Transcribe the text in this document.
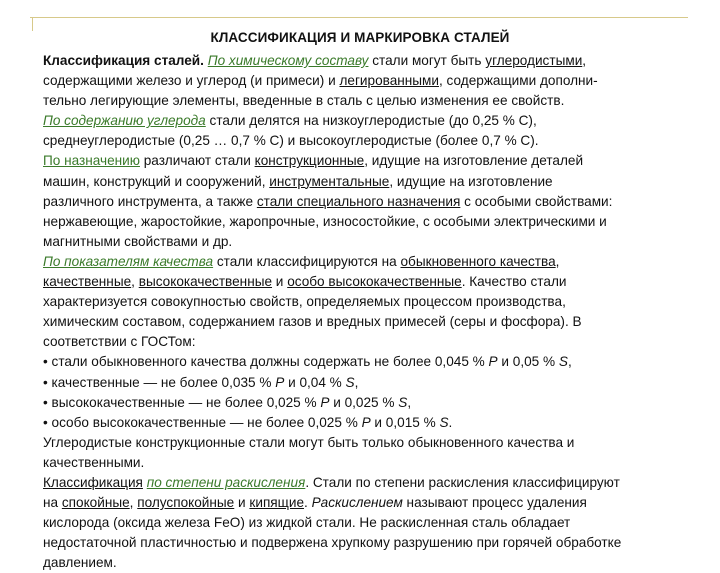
КЛАССИФИКАЦИЯ И МАРКИРОВКА СТАЛЕЙ
Классификация сталей. По химическому составу стали могут быть углеродистыми,
содержащими железо и углерод (и примеси) и легированными, содержащими дополни-
тельно легирующие элементы, введенные в сталь с целью изменения ее свойств.
По содержанию углерода стали делятся на низкоуглеродистые (до 0,25 % С),
среднеуглеродистые (0,25 … 0,7 % С) и высокоуглеродистые (более 0,7 % С).
По назначению различают стали конструкционные, идущие на изготовление деталей
машин, конструкций и сооружений, инструментальные, идущие на изготовление
различного инструмента, а также стали специального назначения с особыми свойствами:
нержавеющие, жаростойкие, жаропрочные, износостойкие, с особыми электрическими и
магнитными свойствами и др.
По показателям качества стали классифицируются на обыкновенного качества,
качественные, высококачественные и особо высококачественные. Качество стали
характеризуется совокупностью свойств, определяемых процессом производства,
химическим составом, содержанием газов и вредных примесей (серы и фосфора). В
соответствии с ГОСТом:
• стали обыкновенного качества должны содержать не более 0,045 % P и 0,05 % S,
• качественные — не более 0,035 % P и 0,04 % S,
• высококачественные — не более 0,025 % P и 0,025 % S,
• особо высококачественные — не более 0,025 % P и 0,015 % S.
Углеродистые конструкционные стали могут быть только обыкновенного качества и
качественными.
Классификация по степени раскисления. Стали по степени раскисления классифицируют
на спокойные, полуспокойные и кипящие. Раскислением называют процесс удаления
кислорода (оксида железа FeO) из жидкой стали. Не раскисленная сталь обладает
недостаточной пластичностью и подвержена хрупкому разрушению при горячей обработке
давлением.
